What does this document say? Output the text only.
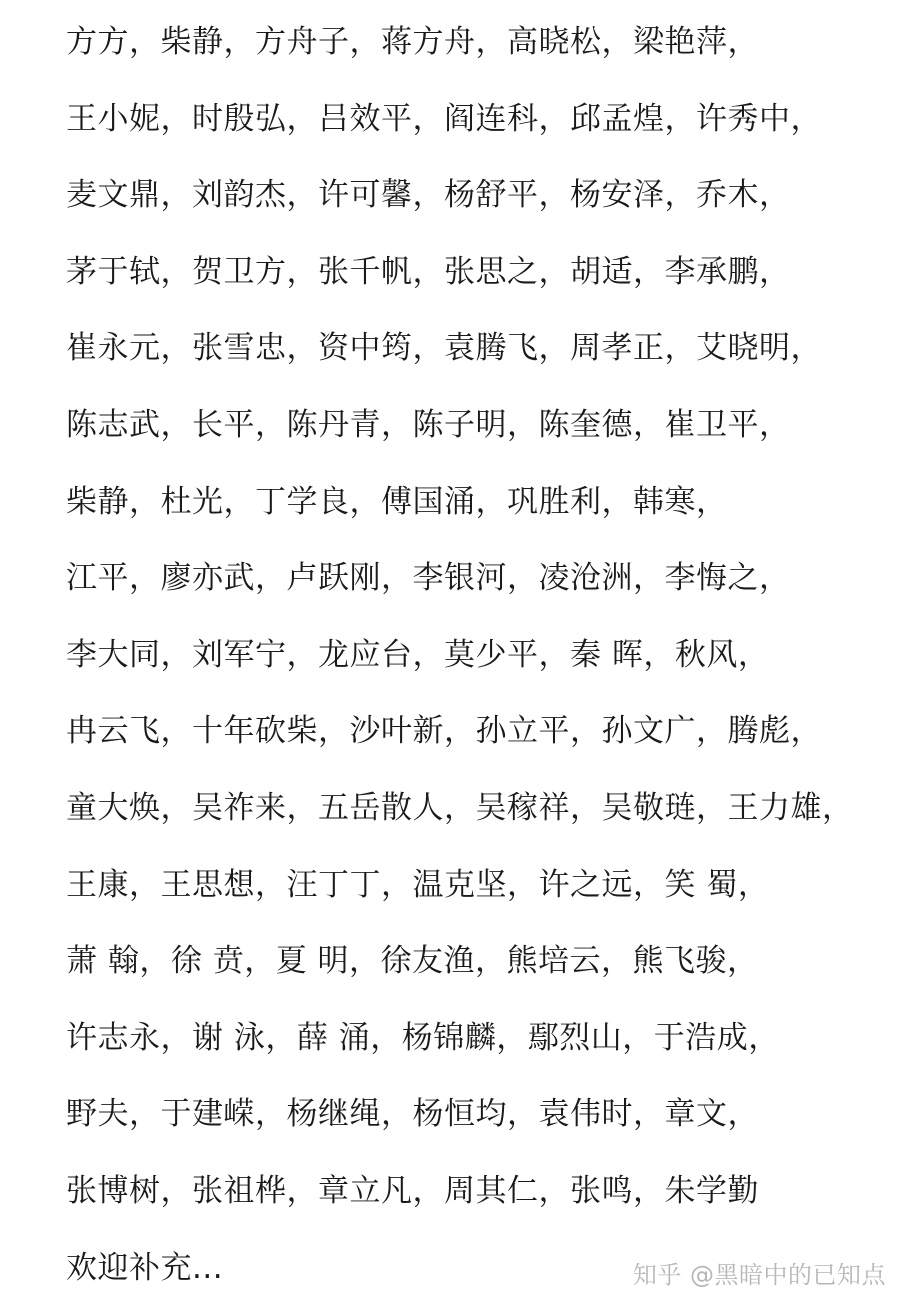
方方，柴静，方舟子，蒋方舟，高晓松，梁艳萍，
王小妮，时殷弘，吕效平，阎连科，邱孟煌，许秀中，
麦文鼎，刘韵杰，许可馨，杨舒平，杨安泽，乔木，
茅于轼，贺卫方，张千帆，张思之，胡适，李承鹏，
崔永元，张雪忠，资中筠，袁腾飞，周孝正，艾晓明，
陈志武，长平，陈丹青，陈子明，陈奎德，崔卫平，
柴静，杜光，丁学良，傅国涌，巩胜利，韩寒，
江平，廖亦武，卢跃刚，李银河，凌沧洲，李悔之，
李大同，刘军宁，龙应台，莫少平，秦 晖，秋风，
冉云飞，十年砍柴，沙叶新，孙立平，孙文广，腾彪，
童大焕，吴祚来，五岳散人，吴稼祥，吴敬琏，王力雄，
王康，王思想，汪丁丁，温克坚，许之远，笑 蜀，
萧 翰，徐 贲，夏 明，徐友渔，熊培云，熊飞骏，
许志永，谢 泳，薛 涌，杨锦麟，鄢烈山，于浩成，
野夫，于建嵘，杨继绳，杨恒均，袁伟时，章文，
张博树，张祖桦，章立凡，周其仁，张鸣，朱学勤
欢迎补充...	知乎 @黑暗中的已知点
